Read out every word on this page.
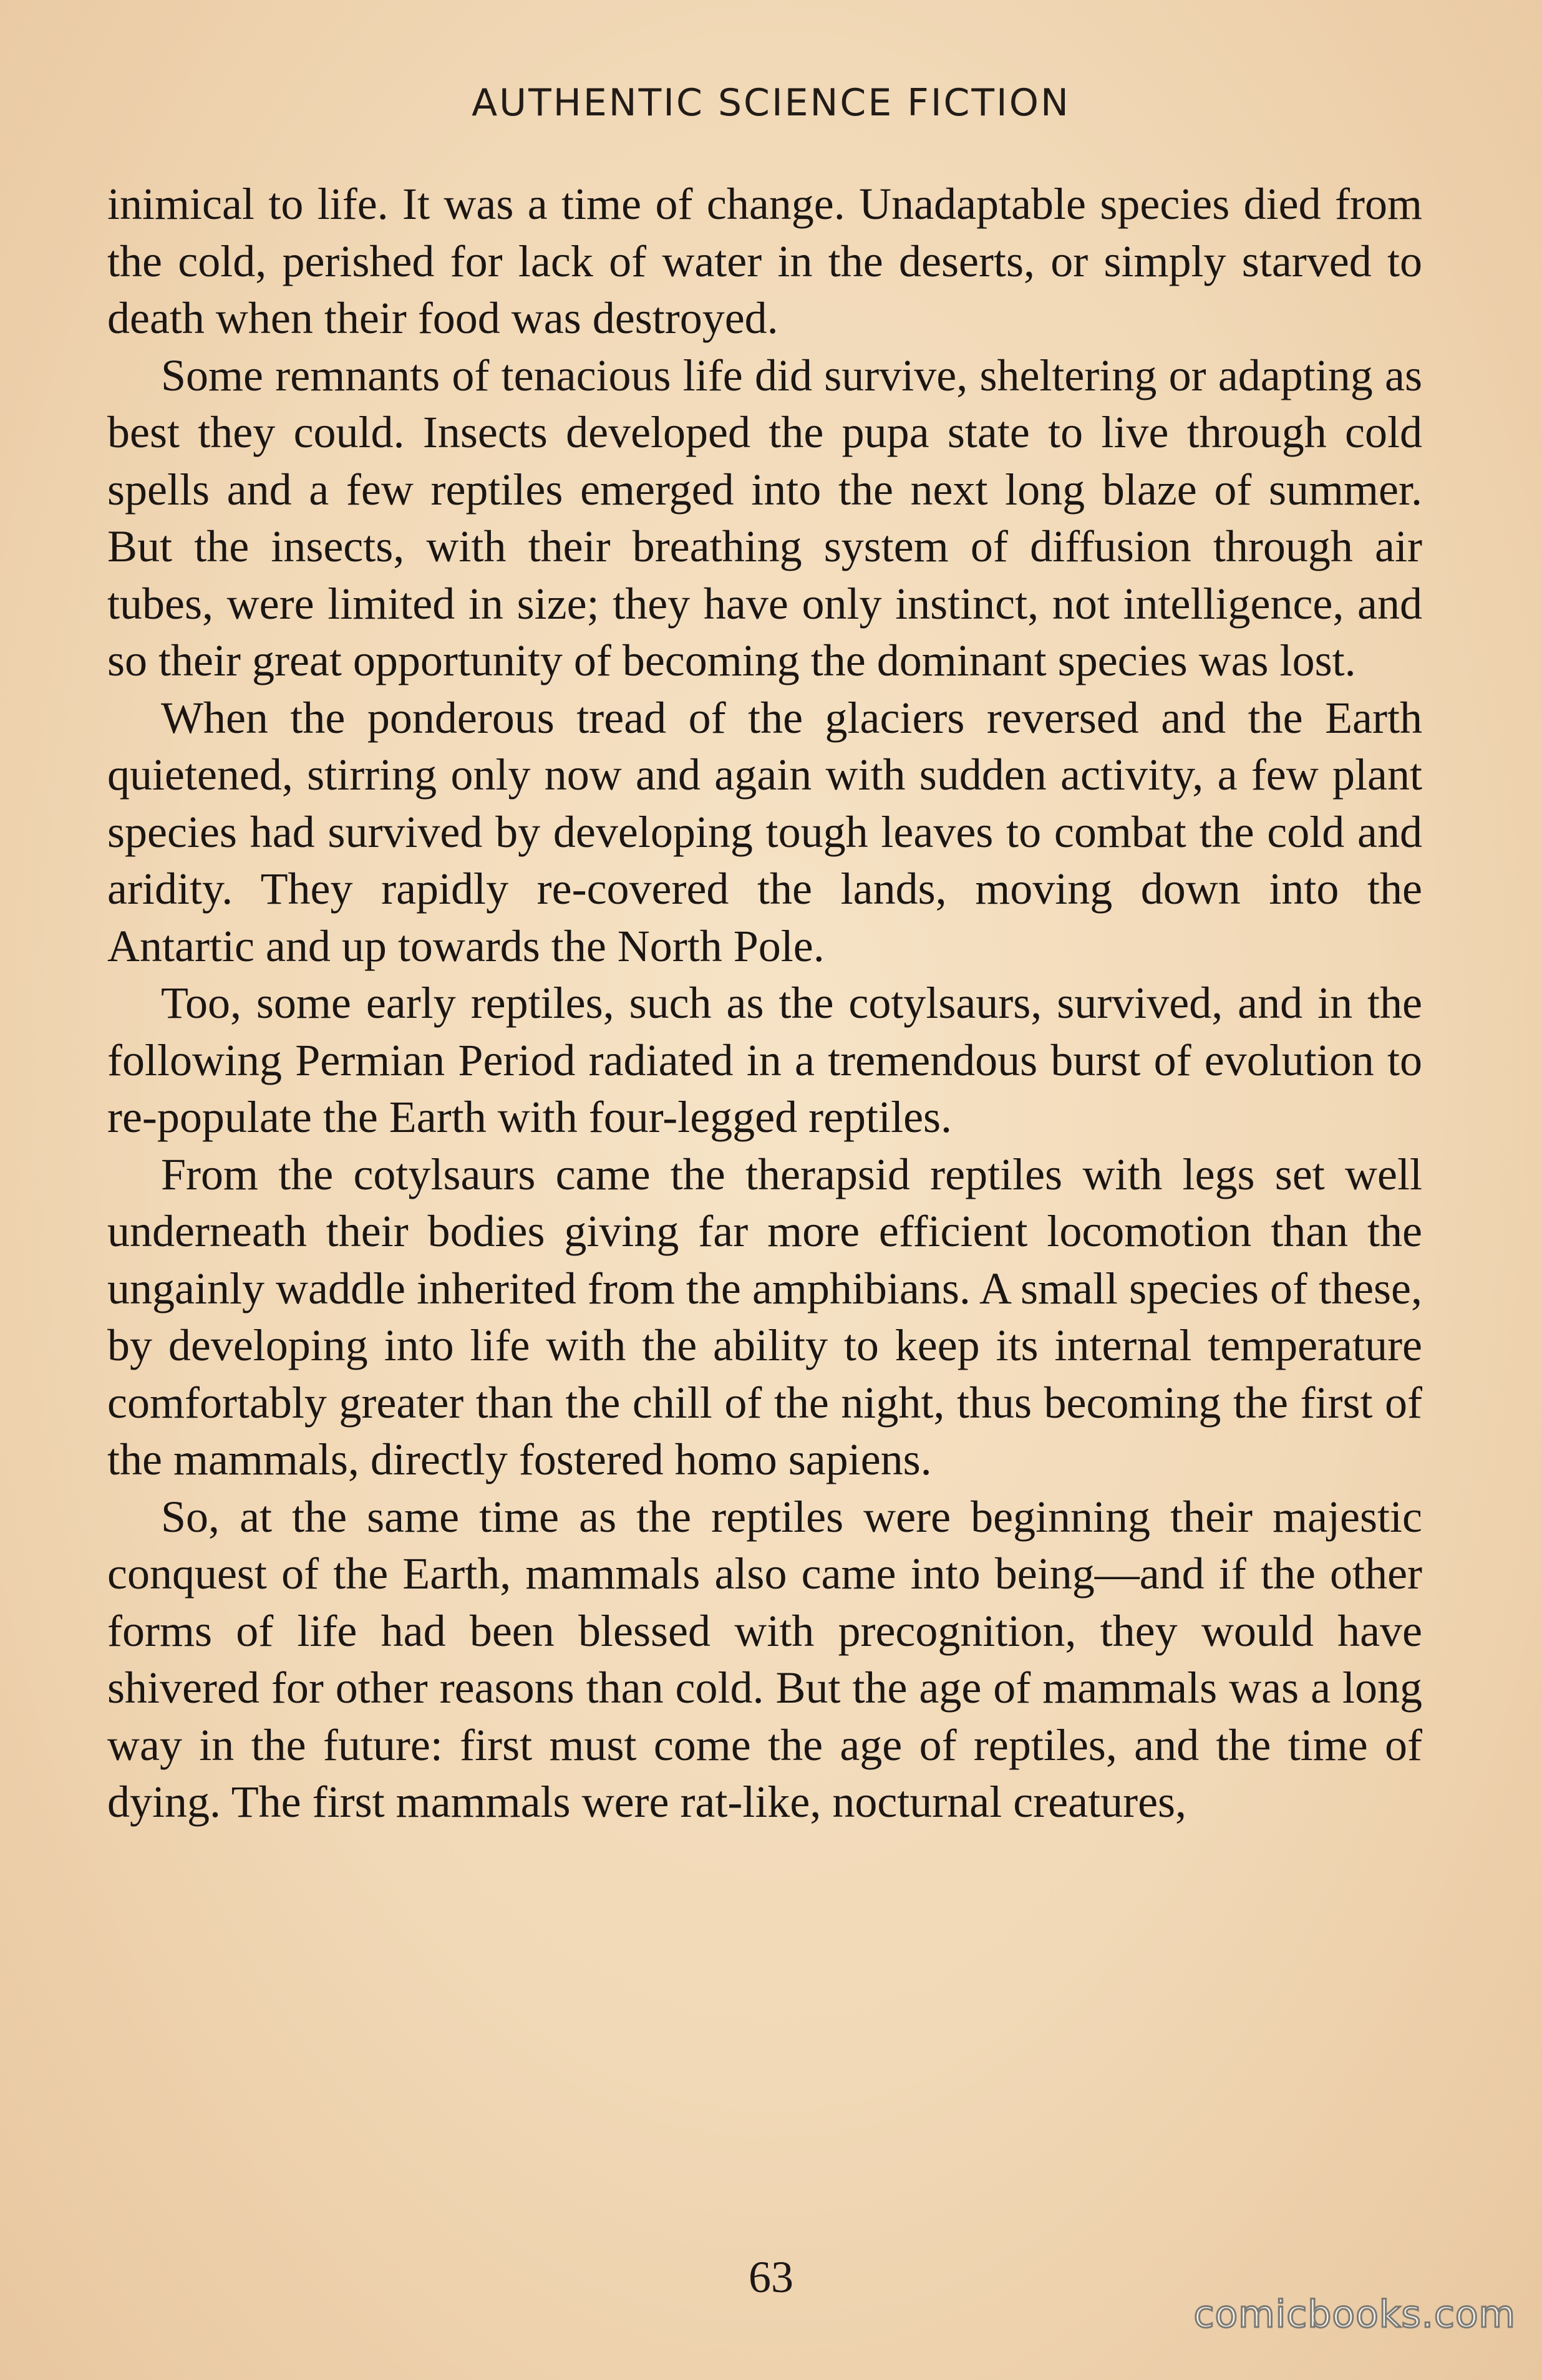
AUTHENTIC SCIENCE FICTION

inimical to life. It was a time of change. Unadaptable species died from the cold, perished for lack of water in the deserts, or simply starved to death when their food was destroyed.

Some remnants of tenacious life did survive, sheltering or adapting as best they could. Insects developed the pupa state to live through cold spells and a few reptiles emerged into the next long blaze of summer. But the insects, with their breathing system of diffusion through air tubes, were limited in size; they have only instinct, not intelligence, and so their great opportunity of becoming the dominant species was lost.

When the ponderous tread of the glaciers reversed and the Earth quietened, stirring only now and again with sudden activity, a few plant species had survived by developing tough leaves to combat the cold and aridity. They rapidly re-covered the lands, moving down into the Antartic and up towards the North Pole.

Too, some early reptiles, such as the cotylsaurs, survived, and in the following Permian Period radiated in a tremendous burst of evolution to re-populate the Earth with four-legged reptiles.

From the cotylsaurs came the therapsid reptiles with legs set well underneath their bodies giving far more efficient locomotion than the ungainly waddle inherited from the amphibians. A small species of these, by developing into life with the ability to keep its internal temperature comfortably greater than the chill of the night, thus becoming the first of the mammals, directly fostered homo sapiens.

So, at the same time as the reptiles were beginning their majestic conquest of the Earth, mammals also came into being—and if the other forms of life had been blessed with precognition, they would have shivered for other reasons than cold. But the age of mammals was a long way in the future: first must come the age of reptiles, and the time of dying. The first mammals were rat-like, nocturnal creatures,

63
comicbooks.com
